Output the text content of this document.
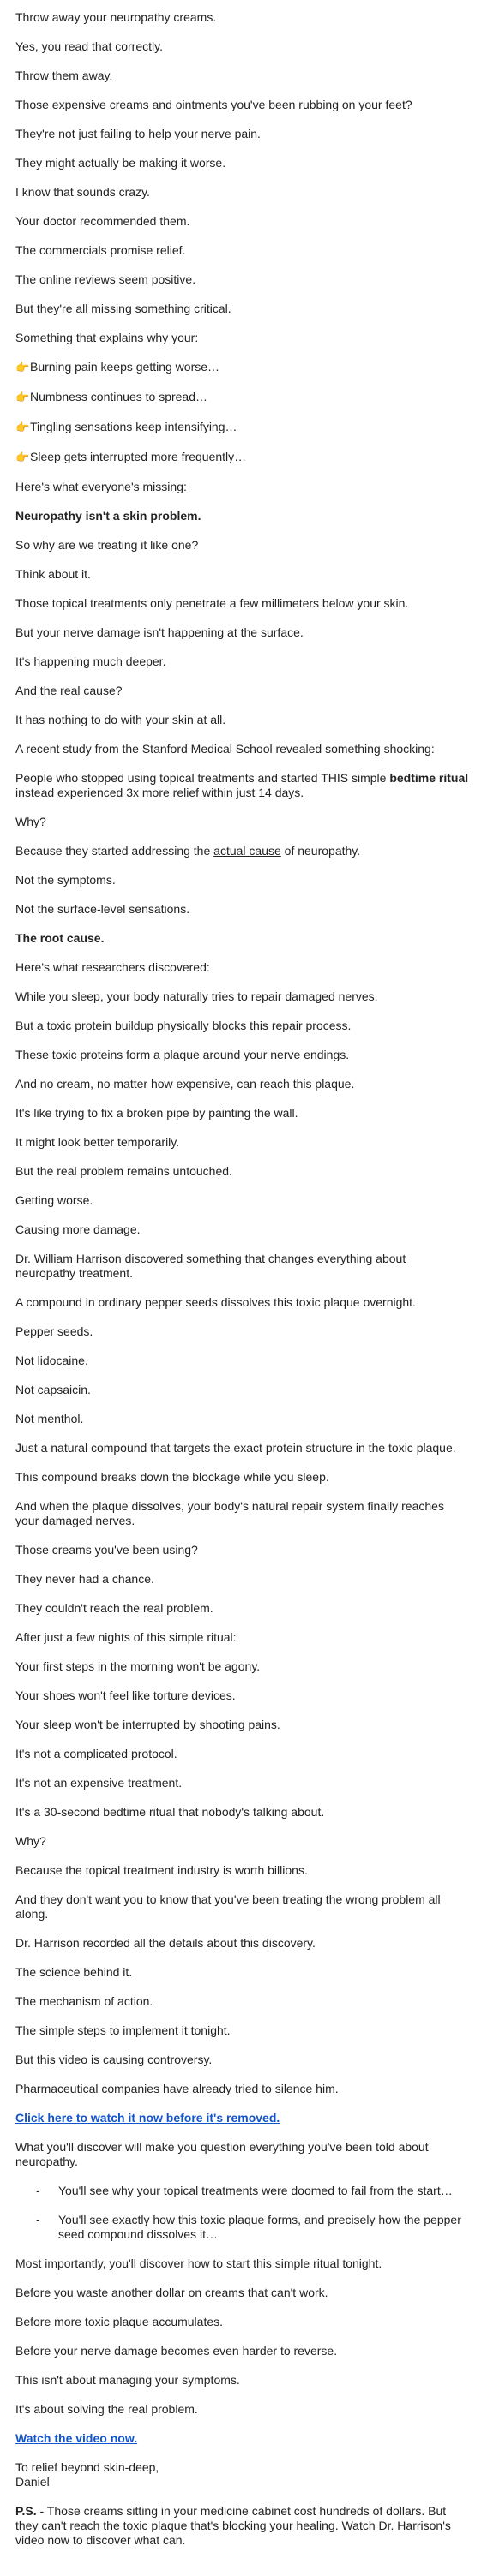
Throw away your neuropathy creams.
Yes, you read that correctly.
Throw them away.
Those expensive creams and ointments you've been rubbing on your feet?
They're not just failing to help your nerve pain.
They might actually be making it worse.
I know that sounds crazy.
Your doctor recommended them.
The commercials promise relief.
The online reviews seem positive.
But they're all missing something critical.
Something that explains why your:
👉Burning pain keeps getting worse…
👉Numbness continues to spread…
👉Tingling sensations keep intensifying…
👉Sleep gets interrupted more frequently…
Here's what everyone's missing:
Neuropathy isn't a skin problem.
So why are we treating it like one?
Think about it.
Those topical treatments only penetrate a few millimeters below your skin.
But your nerve damage isn't happening at the surface.
It's happening much deeper.
And the real cause?
It has nothing to do with your skin at all.
A recent study from the Stanford Medical School revealed something shocking:
People who stopped using topical treatments and started THIS simple bedtime ritual instead experienced 3x more relief within just 14 days.
Why?
Because they started addressing the actual cause of neuropathy.
Not the symptoms.
Not the surface-level sensations.
The root cause.
Here's what researchers discovered:
While you sleep, your body naturally tries to repair damaged nerves.
But a toxic protein buildup physically blocks this repair process.
These toxic proteins form a plaque around your nerve endings.
And no cream, no matter how expensive, can reach this plaque.
It's like trying to fix a broken pipe by painting the wall.
It might look better temporarily.
But the real problem remains untouched.
Getting worse.
Causing more damage.
Dr. William Harrison discovered something that changes everything about neuropathy treatment.
A compound in ordinary pepper seeds dissolves this toxic plaque overnight.
Pepper seeds.
Not lidocaine.
Not capsaicin.
Not menthol.
Just a natural compound that targets the exact protein structure in the toxic plaque.
This compound breaks down the blockage while you sleep.
And when the plaque dissolves, your body's natural repair system finally reaches your damaged nerves.
Those creams you've been using?
They never had a chance.
They couldn't reach the real problem.
After just a few nights of this simple ritual:
Your first steps in the morning won't be agony.
Your shoes won't feel like torture devices.
Your sleep won't be interrupted by shooting pains.
It's not a complicated protocol.
It's not an expensive treatment.
It's a 30-second bedtime ritual that nobody's talking about.
Why?
Because the topical treatment industry is worth billions.
And they don't want you to know that you've been treating the wrong problem all along.
Dr. Harrison recorded all the details about this discovery.
The science behind it.
The mechanism of action.
The simple steps to implement it tonight.
But this video is causing controversy.
Pharmaceutical companies have already tried to silence him.
Click here to watch it now before it's removed.
What you'll discover will make you question everything you've been told about neuropathy.
- You'll see why your topical treatments were doomed to fail from the start…
- You'll see exactly how this toxic plaque forms, and precisely how the pepper seed compound dissolves it…
Most importantly, you'll discover how to start this simple ritual tonight.
Before you waste another dollar on creams that can't work.
Before more toxic plaque accumulates.
Before your nerve damage becomes even harder to reverse.
This isn't about managing your symptoms.
It's about solving the real problem.
Watch the video now.
To relief beyond skin-deep,
Daniel
P.S. - Those creams sitting in your medicine cabinet cost hundreds of dollars. But they can't reach the toxic plaque that's blocking your healing. Watch Dr. Harrison's video now to discover what can.
